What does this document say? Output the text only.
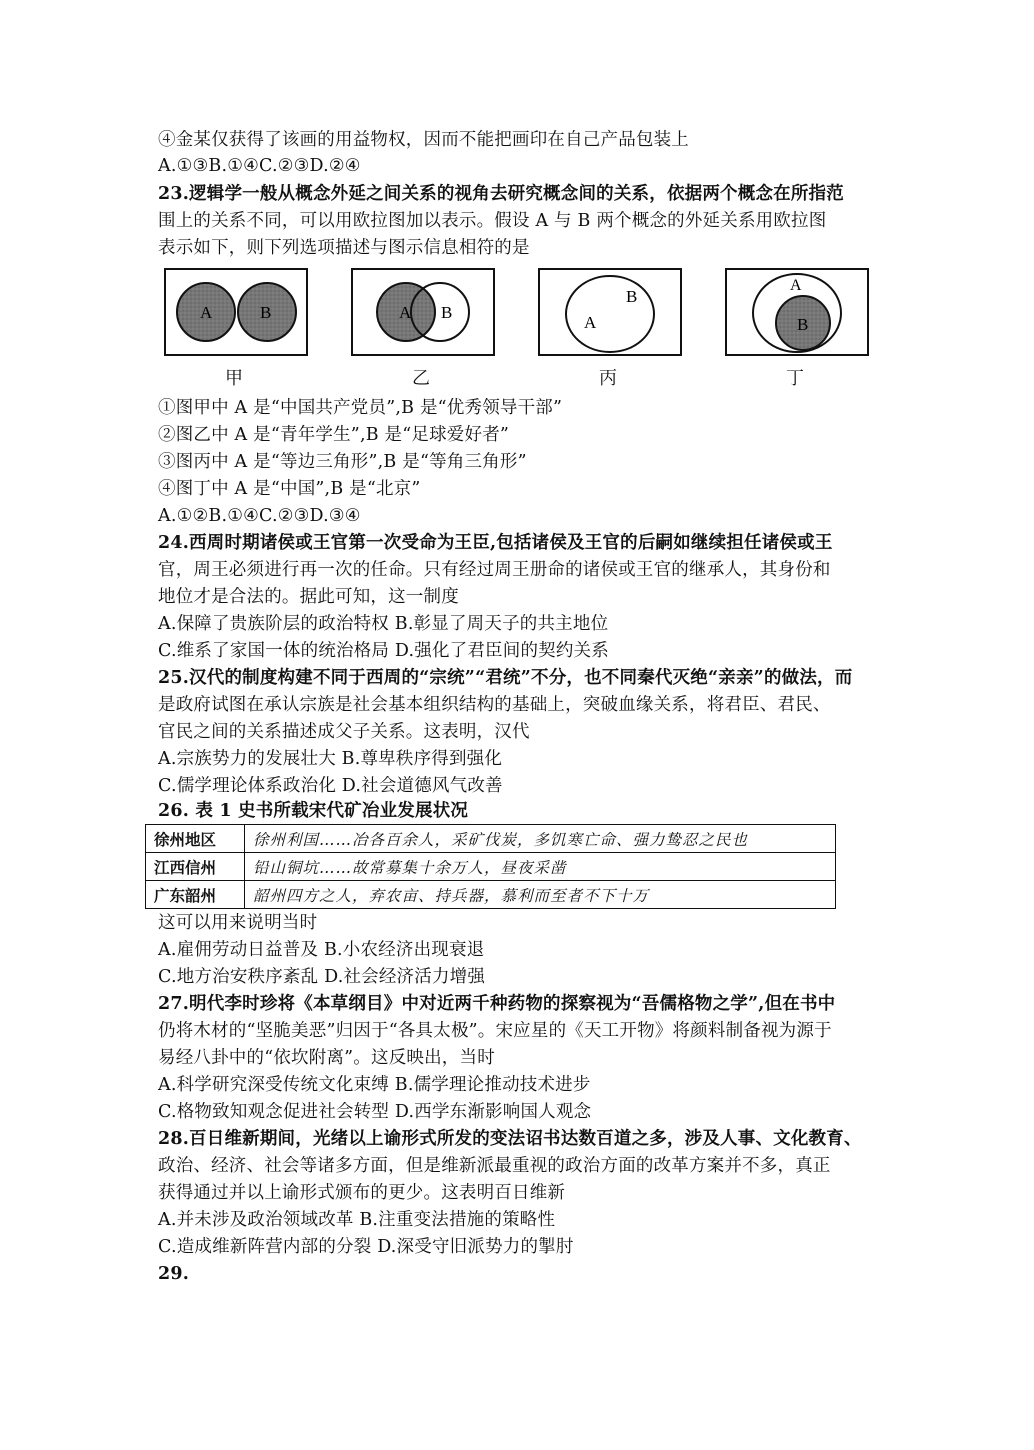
④金某仅获得了该画的用益物权，因而不能把画印在自己产品包装上
A.①③B.①④C.②③D.②④
23.逻辑学一般从概念外延之间关系的视角去研究概念间的关系，依据两个概念在所指范
围上的关系不同，可以用欧拉图加以表示。假设 A 与 B 两个概念的外延关系用欧拉图
表示如下，则下列选项描述与图示信息相符的是
A	B
甲
A B
乙
A
B
丙
A
B
丁
①图甲中 A 是“中国共产党员”,B 是“优秀领导干部”
②图乙中 A 是“青年学生”,B 是“足球爱好者”
③图丙中 A 是“等边三角形”,B 是“等角三角形”
④图丁中 A 是“中国”,B 是“北京”
A.①②B.①④C.②③D.③④
24.西周时期诸侯或王官第一次受命为王臣,包括诸侯及王官的后嗣如继续担任诸侯或王
官，周王必须进行再一次的任命。只有经过周王册命的诸侯或王官的继承人，其身份和
地位才是合法的。据此可知，这一制度
A.保障了贵族阶层的政治特权 B.彰显了周天子的共主地位
C.维系了家国一体的统治格局 D.强化了君臣间的契约关系
25.汉代的制度构建不同于西周的“宗统”“君统”不分，也不同秦代灭绝“亲亲”的做法，而
是政府试图在承认宗族是社会基本组织结构的基础上，突破血缘关系，将君臣、君民、
官民之间的关系描述成父子关系。这表明，汉代
A.宗族势力的发展壮大 B.尊卑秩序得到强化
C.儒学理论体系政治化 D.社会道德风气改善
26. 表 1 史书所载宋代矿冶业发展状况
徐州地区	徐州利国……冶各百余人，采矿伐炭，多饥寒亡命、强力鸷忍之民也
江西信州	铅山铜坑……故常募集十余万人，昼夜采凿
广东韶州	韶州四方之人，弃农亩、持兵器，慕利而至者不下十万
这可以用来说明当时
A.雇佣劳动日益普及 B.小农经济出现衰退
C.地方治安秩序紊乱 D.社会经济活力增强
27.明代李时珍将《本草纲目》中对近两千种药物的探察视为“吾儒格物之学”,但在书中
仍将木材的“坚脆美恶”归因于“各具太极”。宋应星的《天工开物》将颜料制备视为源于
易经八卦中的“依坎附离”。这反映出，当时
A.科学研究深受传统文化束缚 B.儒学理论推动技术进步
C.格物致知观念促进社会转型 D.西学东渐影响国人观念
28.百日维新期间，光绪以上谕形式所发的变法诏书达数百道之多，涉及人事、文化教育、
政治、经济、社会等诸多方面，但是维新派最重视的政治方面的改革方案并不多，真正
获得通过并以上谕形式颁布的更少。这表明百日维新
A.并未涉及政治领域改革 B.注重变法措施的策略性
C.造成维新阵营内部的分裂 D.深受守旧派势力的掣肘
29.
